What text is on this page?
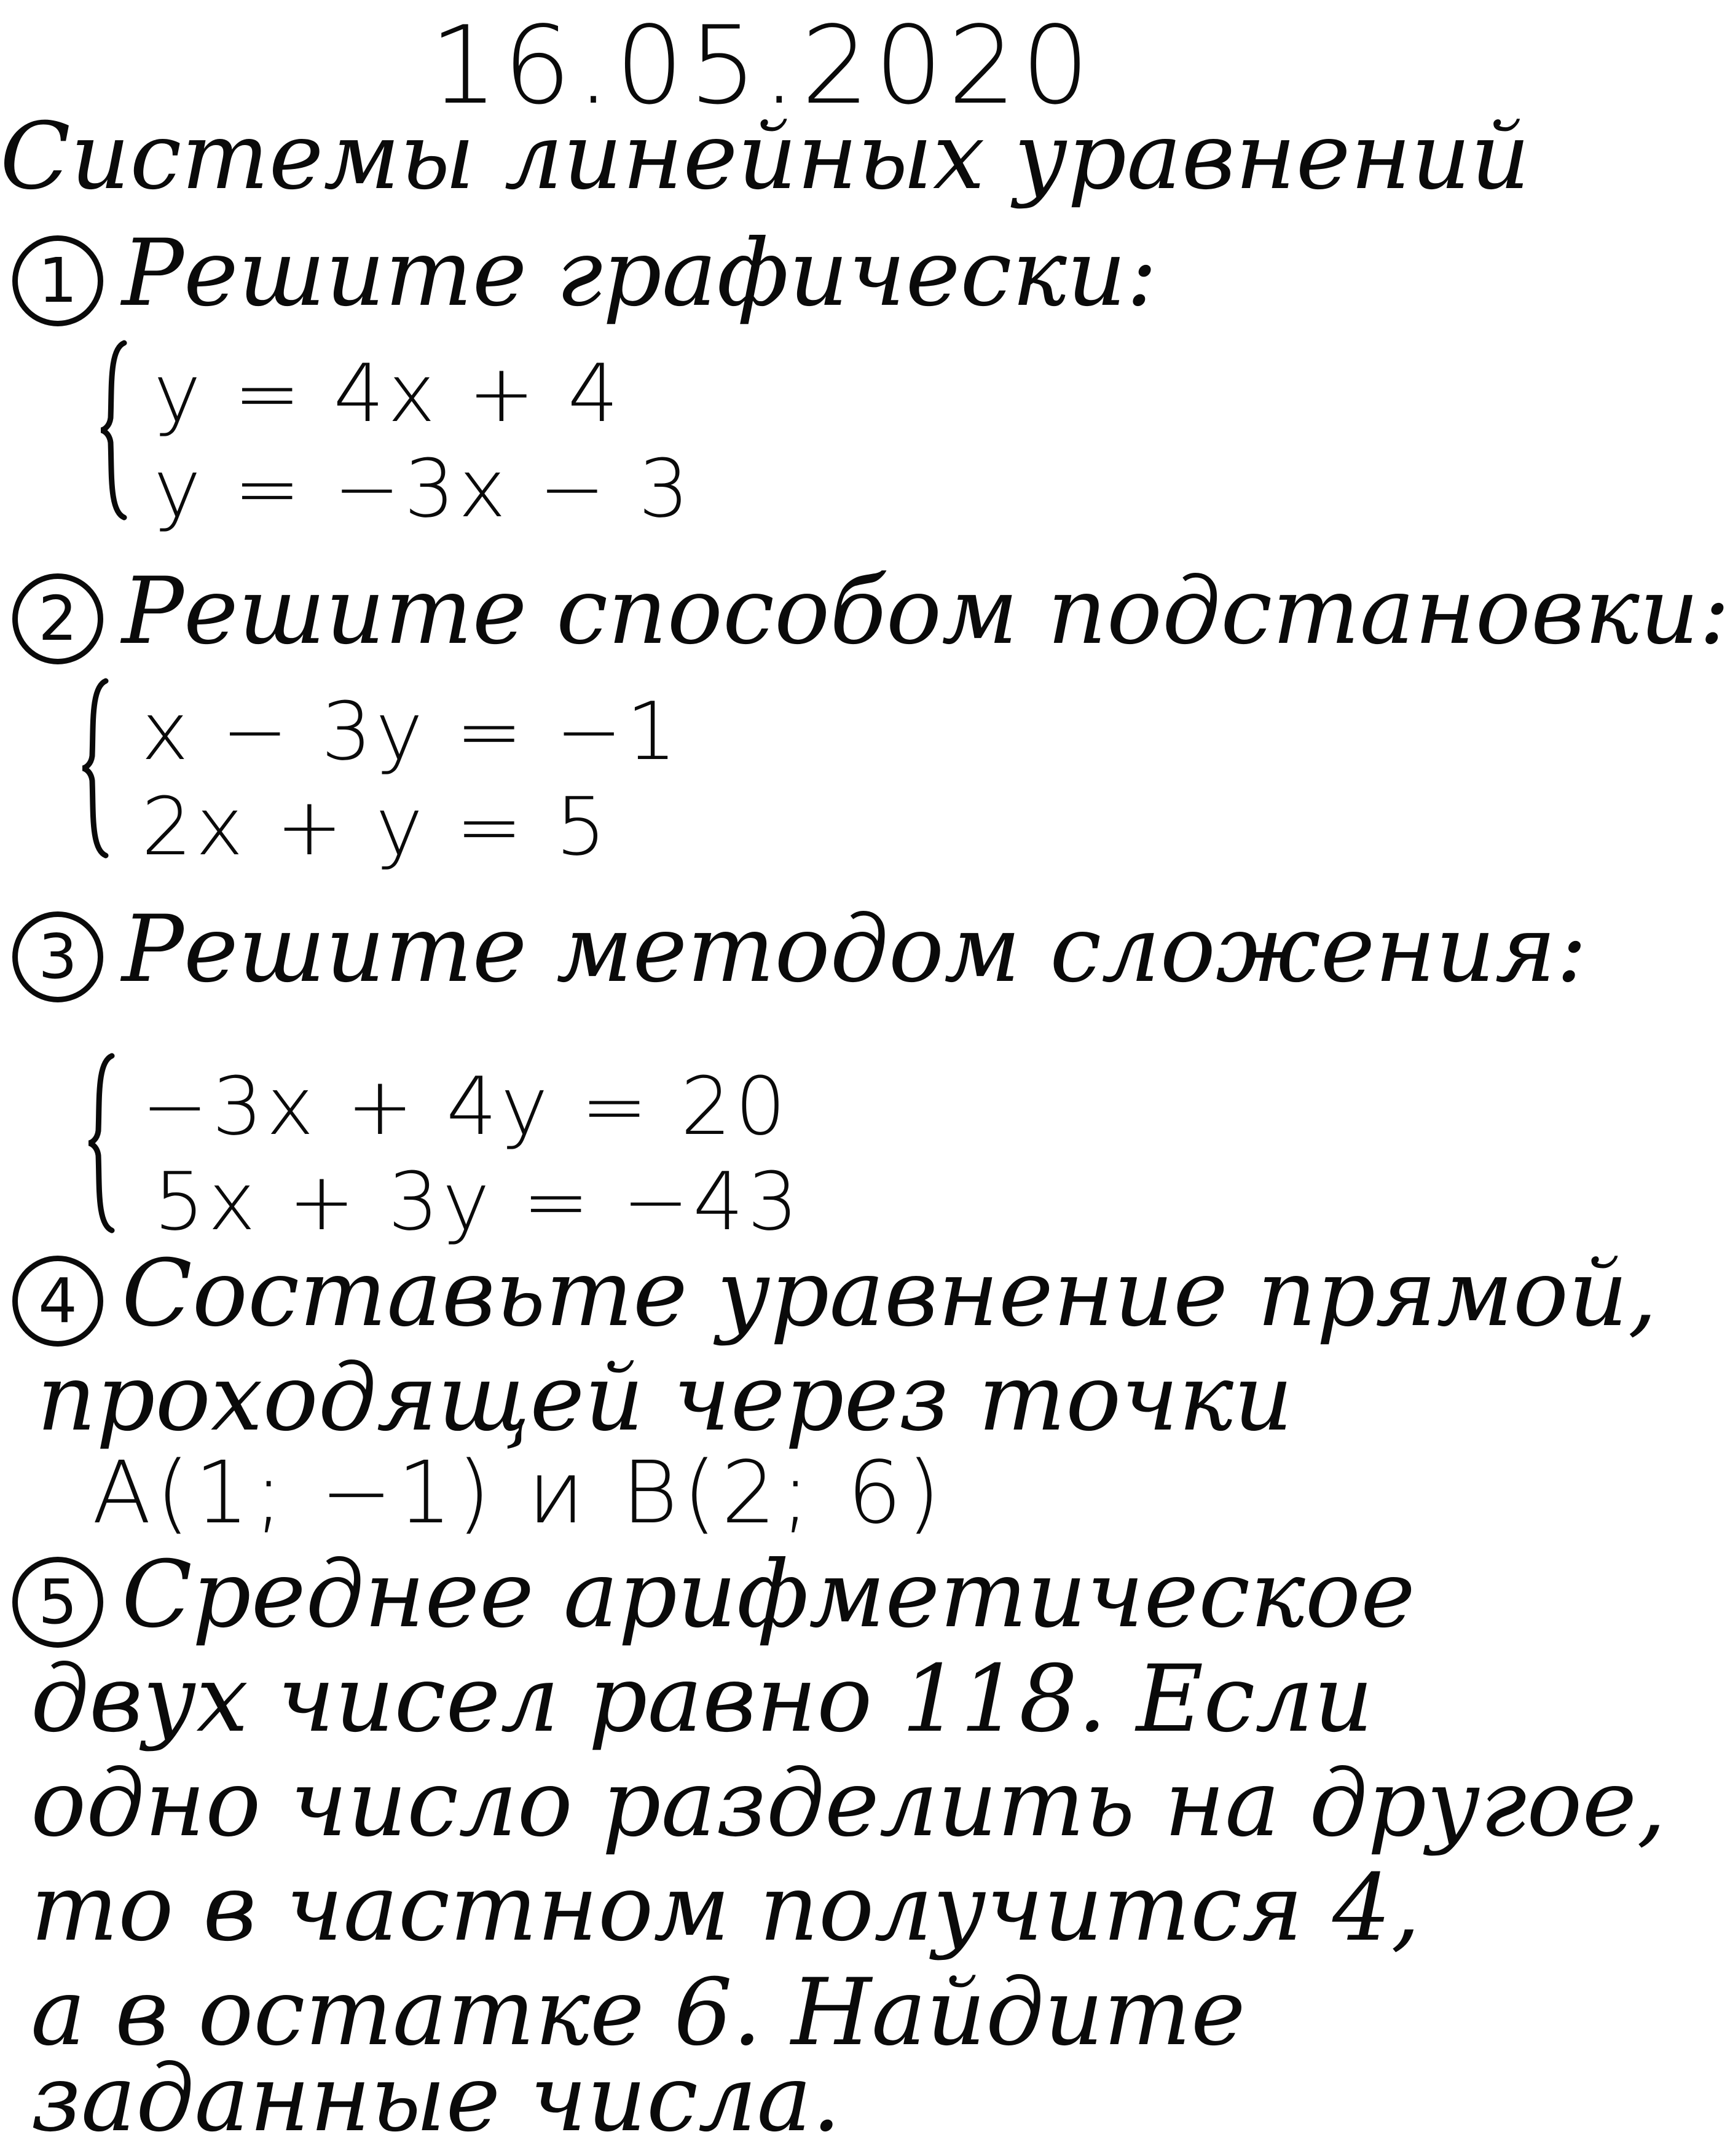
16.05.2020
Системы линейных уравнений
1 Решите графически:
y = 4x + 4
y = −3x − 3
2 Решите способом подстановки:
x − 3y = −1
2x + y = 5
3 Решите методом сложения:
−3x + 4y = 20
5x + 3y = −43
4 Составьте уравнение прямой,
проходящей через точки
A(1; −1) и B(2; 6)
5 Среднее арифметическое
двух чисел равно 118. Если
одно число разделить на другое,
то в частном получится 4,
а в остатке 6. Найдите
заданные числа.
